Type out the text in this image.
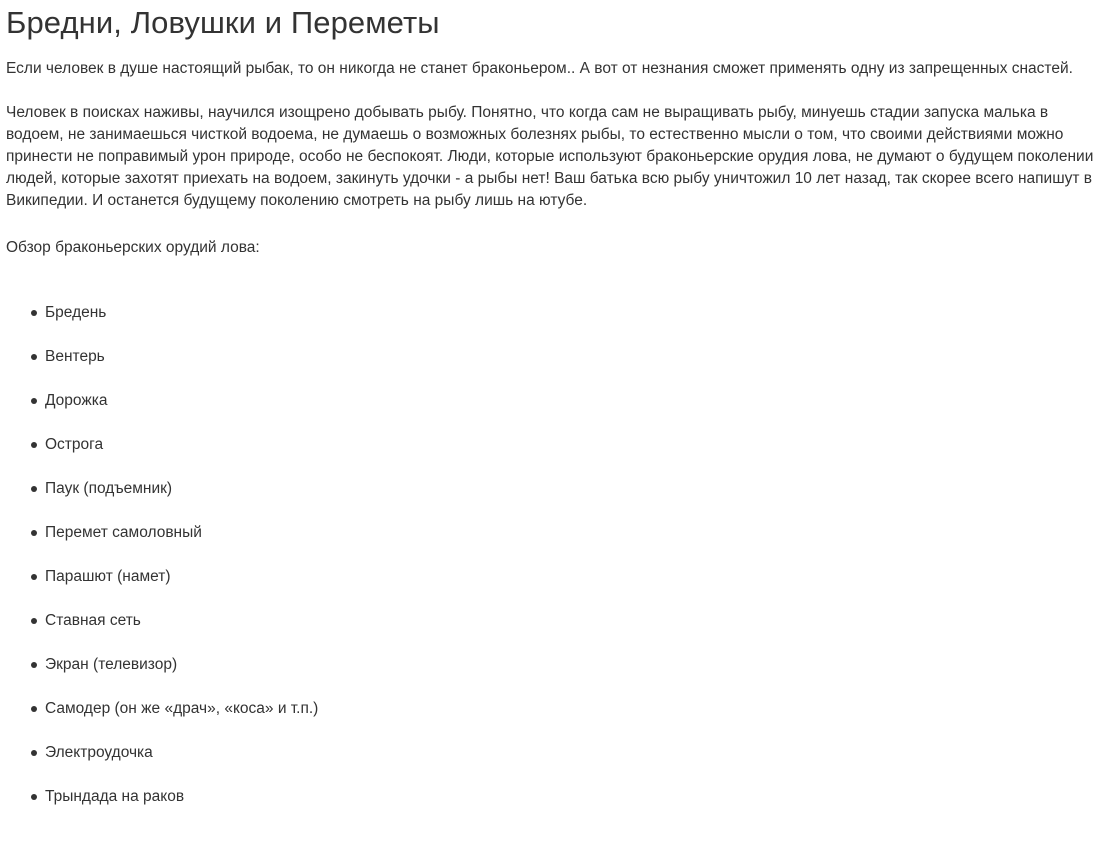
Бредни, Ловушки и Переметы

Если человек в душе настоящий рыбак, то он никогда не станет браконьером.. А вот от незнания сможет применять одну из запрещенных снастей.

Человек в поисках наживы, научился изощрено добывать рыбу. Понятно, что когда сам не выращивать рыбу, минуешь стадии запуска малька в водоем, не занимаешься чисткой водоема, не думаешь о возможных болезнях рыбы, то естественно мысли о том, что своими действиями можно принести не поправимый урон природе, особо не беспокоят. Люди, которые используют браконьерские орудия лова, не думают о будущем поколении людей, которые захотят приехать на водоем, закинуть удочки - а рыбы нет! Ваш батька всю рыбу уничтожил 10 лет назад, так скорее всего напишут в Википедии. И останется будущему поколению смотреть на рыбу лишь на ютубе.

Обзор браконьерских орудий лова:

Бредень
Вентерь
Дорожка
Острога
Паук (подъемник)
Перемет самоловный
Парашют (намет)
Ставная сеть
Экран (телевизор)
Самодер (он же «драч», «коса» и т.п.)
Электроудочка
Трындада на раков
